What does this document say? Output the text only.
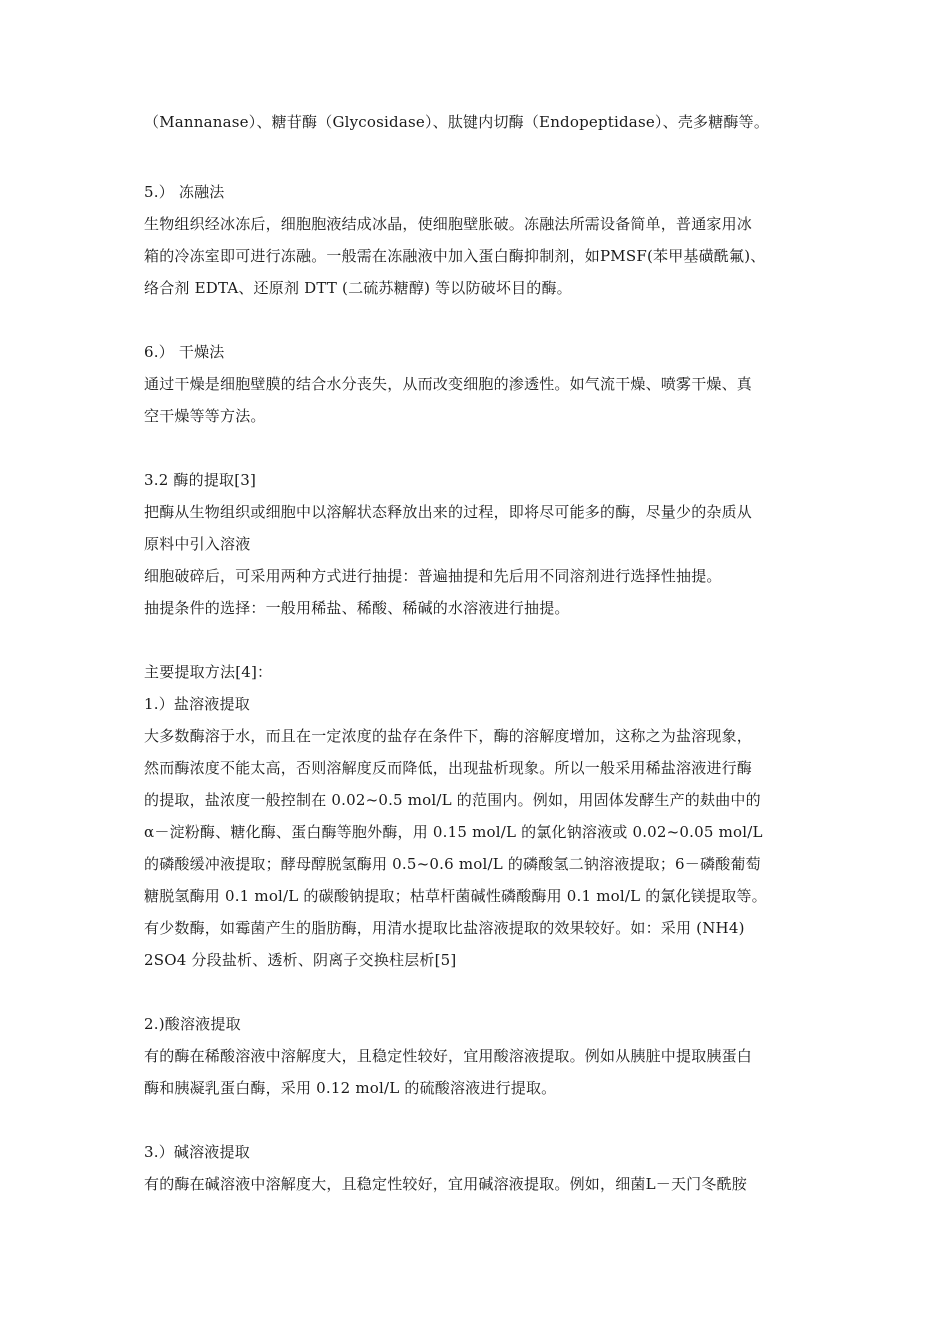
（Mannanase）、糖苷酶（Glycosidase）、肽键内切酶（Endopeptidase）、壳多糖酶等。
5.） 冻融法
生物组织经冰冻后，细胞胞液结成冰晶，使细胞壁胀破。冻融法所需设备简单，普通家用冰
箱的冷冻室即可进行冻融。一般需在冻融液中加入蛋白酶抑制剂，如PMSF(苯甲基磺酰氟)、
络合剂 EDTA、还原剂 DTT (二硫苏糖醇) 等以防破坏目的酶。
6.） 干燥法
通过干燥是细胞壁膜的结合水分丧失，从而改变细胞的渗透性。如气流干燥、喷雾干燥、真
空干燥等等方法。
3.2 酶的提取[3]
把酶从生物组织或细胞中以溶解状态释放出来的过程，即将尽可能多的酶，尽量少的杂质从
原料中引入溶液
细胞破碎后，可采用两种方式进行抽提：普遍抽提和先后用不同溶剂进行选择性抽提。
抽提条件的选择：一般用稀盐、稀酸、稀碱的水溶液进行抽提。
主要提取方法[4]：
1.）盐溶液提取
大多数酶溶于水，而且在一定浓度的盐存在条件下，酶的溶解度增加，这称之为盐溶现象，
然而酶浓度不能太高，否则溶解度反而降低，出现盐析现象。所以一般采用稀盐溶液进行酶
的提取，盐浓度一般控制在 0.02~0.5 mol/L 的范围内。例如，用固体发酵生产的麸曲中的
α－淀粉酶、糖化酶、蛋白酶等胞外酶，用 0.15 mol/L 的氯化钠溶液或 0.02~0.05 mol/L
的磷酸缓冲液提取；酵母醇脱氢酶用 0.5~0.6 mol/L 的磷酸氢二钠溶液提取；6－磷酸葡萄
糖脱氢酶用 0.1 mol/L 的碳酸钠提取；枯草杆菌碱性磷酸酶用 0.1 mol/L 的氯化镁提取等。
有少数酶，如霉菌产生的脂肪酶，用清水提取比盐溶液提取的效果较好。如：采用 (NH4)
2SO4 分段盐析、透析、阴离子交换柱层析[5]
2.)酸溶液提取
有的酶在稀酸溶液中溶解度大，且稳定性较好，宜用酸溶液提取。例如从胰脏中提取胰蛋白
酶和胰凝乳蛋白酶，采用 0.12 mol/L 的硫酸溶液进行提取。
3.）碱溶液提取
有的酶在碱溶液中溶解度大，且稳定性较好，宜用碱溶液提取。例如，细菌L－天门冬酰胺
